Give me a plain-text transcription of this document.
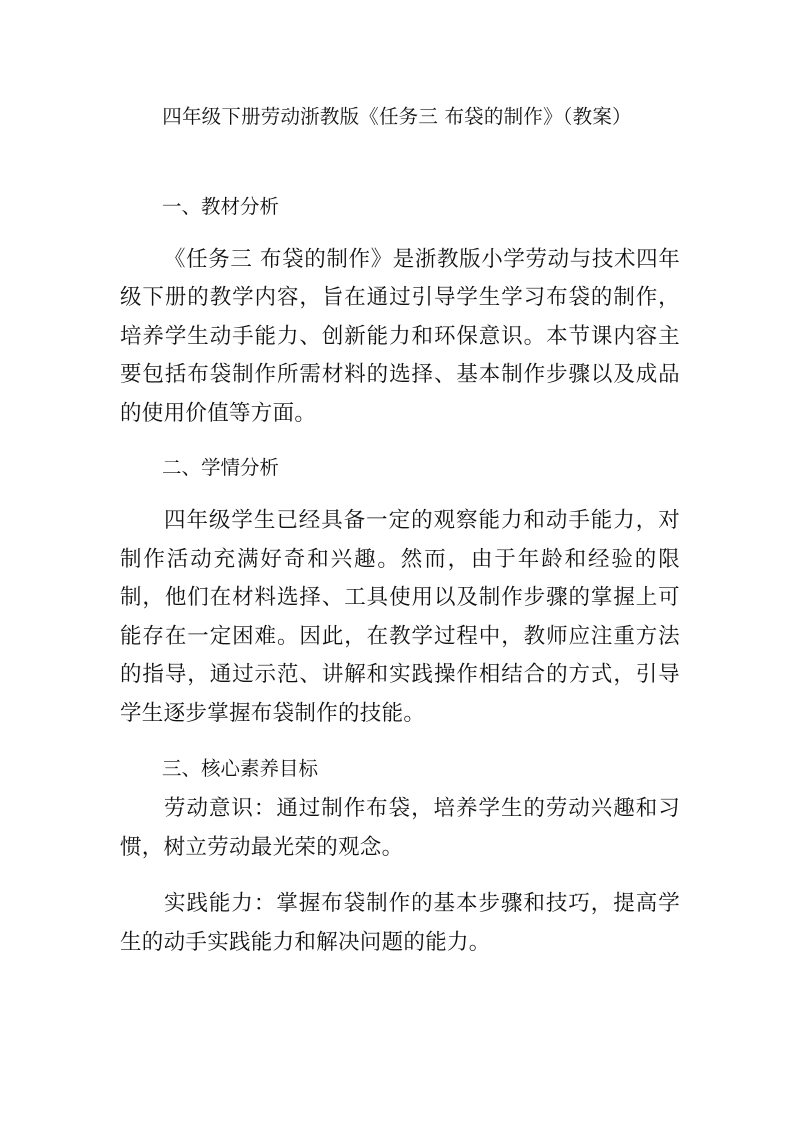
四年级下册劳动浙教版《任务三 布袋的制作》（教案）
一、教材分析

《任务三 布袋的制作》是浙教版小学劳动与技术四年级下册的教学内容，旨在通过引导学生学习布袋的制作，培养学生动手能力、创新能力和环保意识。本节课内容主要包括布袋制作所需材料的选择、基本制作步骤以及成品的使用价值等方面。

二、学情分析

四年级学生已经具备一定的观察能力和动手能力，对制作活动充满好奇和兴趣。然而，由于年龄和经验的限制，他们在材料选择、工具使用以及制作步骤的掌握上可能存在一定困难。因此，在教学过程中，教师应注重方法的指导，通过示范、讲解和实践操作相结合的方式，引导学生逐步掌握布袋制作的技能。

三、核心素养目标

劳动意识：通过制作布袋，培养学生的劳动兴趣和习惯，树立劳动最光荣的观念。

实践能力：掌握布袋制作的基本步骤和技巧，提高学生的动手实践能力和解决问题的能力。
